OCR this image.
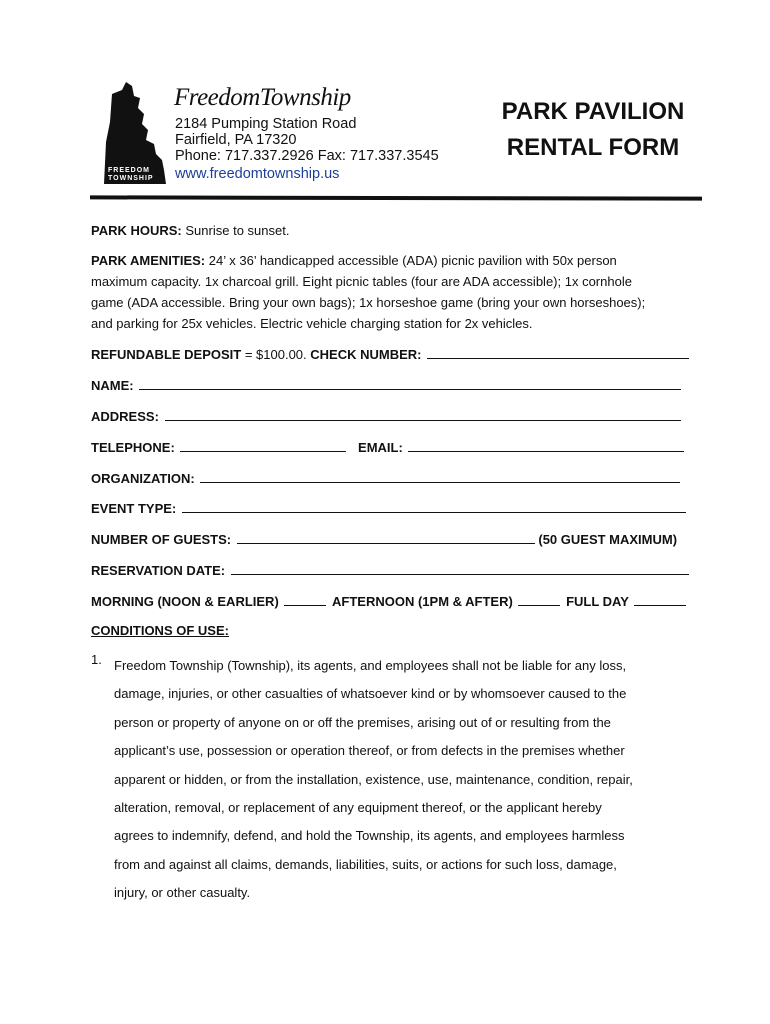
FREEDOM
TOWNSHIP
FreedomTownship
2184 Pumping Station Road
Fairfield, PA 17320
Phone: 717.337.2926 Fax: 717.337.3545
www.freedomtownship.us
PARK PAVILION
RENTAL FORM
PARK HOURS: Sunrise to sunset.
PARK AMENITIES: 24’ x 36’ handicapped accessible (ADA) picnic pavilion with 50x person
maximum capacity. 1x charcoal grill. Eight picnic tables (four are ADA accessible); 1x cornhole
game (ADA accessible. Bring your own bags); 1x horseshoe game (bring your own horseshoes);
and parking for 25x vehicles. Electric vehicle charging station for 2x vehicles.
REFUNDABLE DEPOSIT = $100.00. CHECK NUMBER:
NAME:
ADDRESS:
TELEPHONE:	EMAIL:
ORGANIZATION:
EVENT TYPE:
NUMBER OF GUESTS:	(50 GUEST MAXIMUM)
RESERVATION DATE:
MORNING (NOON & EARLIER)	AFTERNOON (1PM & AFTER)	FULL DAY
CONDITIONS OF USE:
1. Freedom Township (Township), its agents, and employees shall not be liable for any loss,
damage, injuries, or other casualties of whatsoever kind or by whomsoever caused to the
person or property of anyone on or off the premises, arising out of or resulting from the
applicant’s use, possession or operation thereof, or from defects in the premises whether
apparent or hidden, or from the installation, existence, use, maintenance, condition, repair,
alteration, removal, or replacement of any equipment thereof, or the applicant hereby
agrees to indemnify, defend, and hold the Township, its agents, and employees harmless
from and against all claims, demands, liabilities, suits, or actions for such loss, damage,
injury, or other casualty.
